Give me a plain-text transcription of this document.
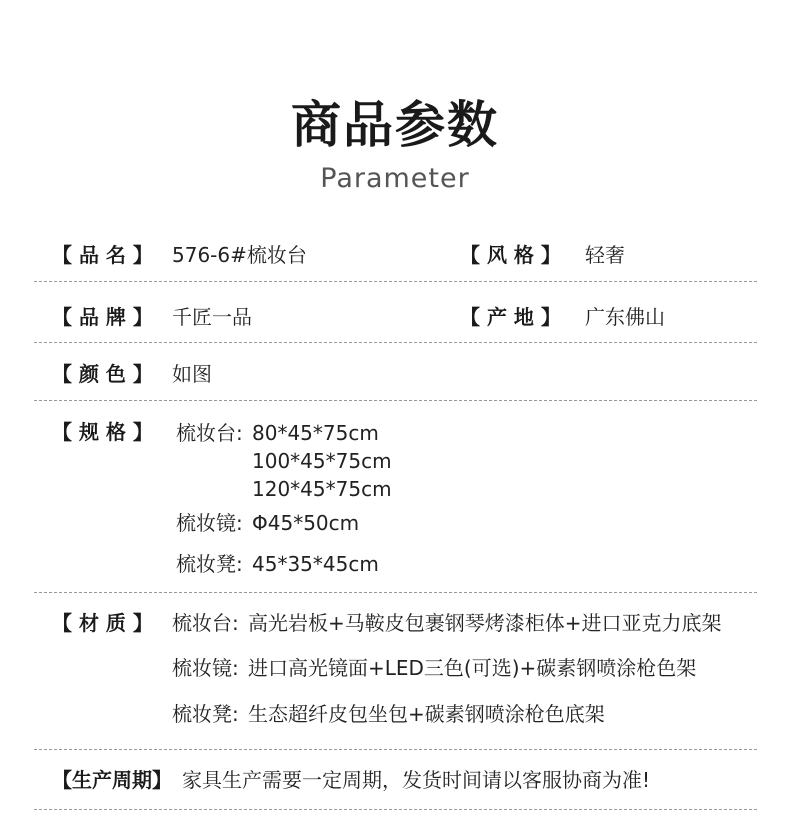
商品参数
Parameter
【 品 名 】 576-6#梳妆台	【 风 格 】 轻奢
【 品 牌 】 千匠一品	【 产 地 】 广东佛山
【 颜 色 】 如图
【 规 格 】 梳妆台: 80*45*75cm
100*45*75cm
120*45*75cm
梳妆镜: Φ45*50cm
梳妆凳: 45*35*45cm
【 材 质 】 梳妆台: 高光岩板+马鞍皮包裹钢琴烤漆柜体+进口亚克力底架
梳妆镜: 进口高光镜面+LED三色(可选)+碳素钢喷涂枪色架
梳妆凳: 生态超纤皮包坐包+碳素钢喷涂枪色底架
【生产周期】 家具生产需要一定周期，发货时间请以客服协商为准!
